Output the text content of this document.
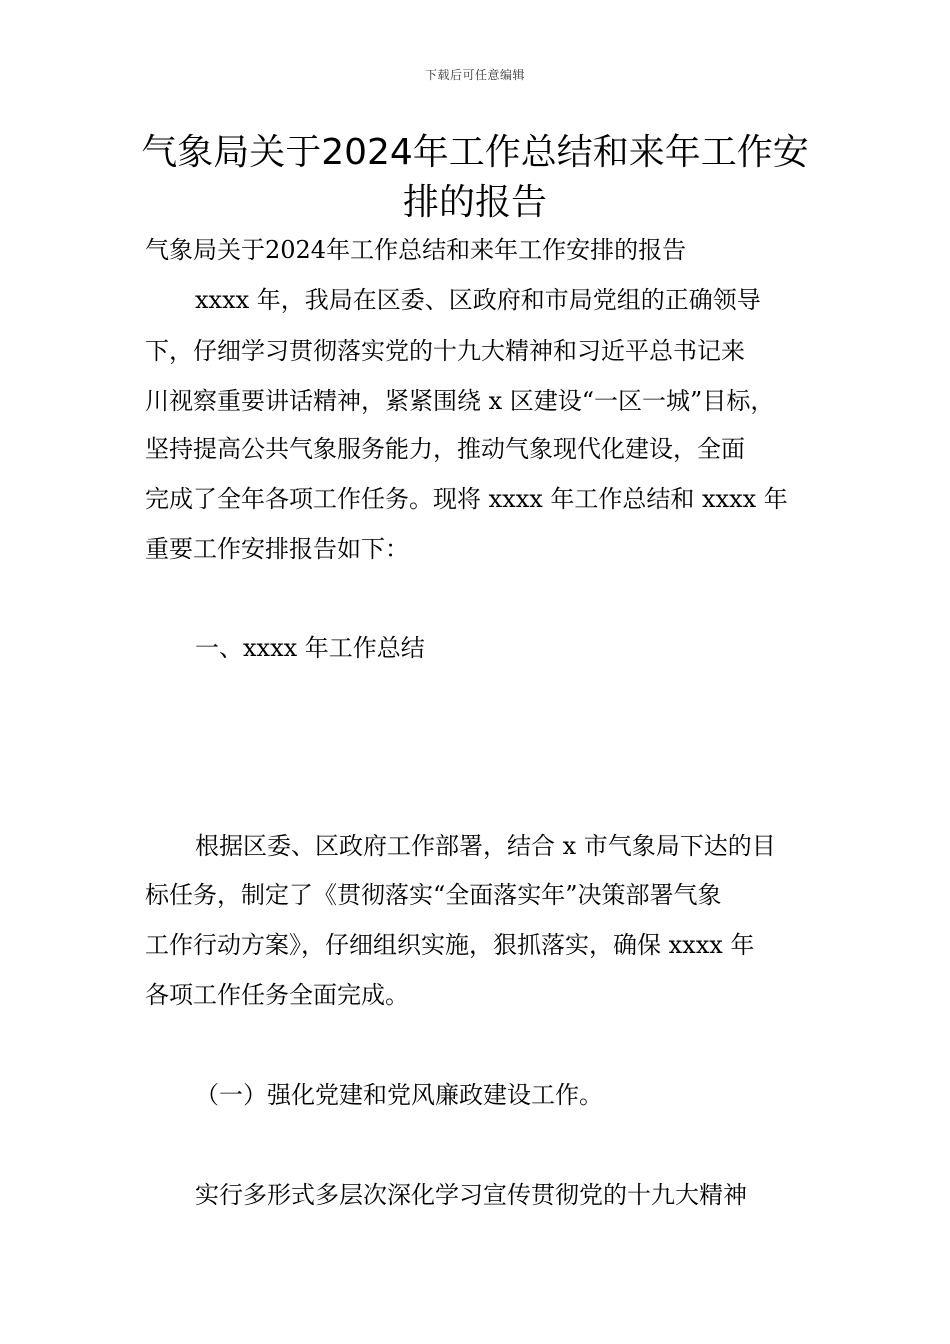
下载后可任意编辑
气象局关于2024年工作总结和来年工作安
排的报告
气象局关于2024年工作总结和来年工作安排的报告
xxxx 年，我局在区委、区政府和市局党组的正确领导
下，仔细学习贯彻落实党的十九大精神和习近平总书记来
川视察重要讲话精神，紧紧围绕 x 区建设“一区一城”目标，
坚持提高公共气象服务能力，推动气象现代化建设，全面
完成了全年各项工作任务。现将 xxxx 年工作总结和 xxxx 年
重要工作安排报告如下：
一、xxxx 年工作总结
根据区委、区政府工作部署，结合 x 市气象局下达的目
标任务，制定了《贯彻落实“全面落实年”决策部署气象
工作行动方案》，仔细组织实施，狠抓落实，确保 xxxx 年
各项工作任务全面完成。
（一）强化党建和党风廉政建设工作。
实行多形式多层次深化学习宣传贯彻党的十九大精神
